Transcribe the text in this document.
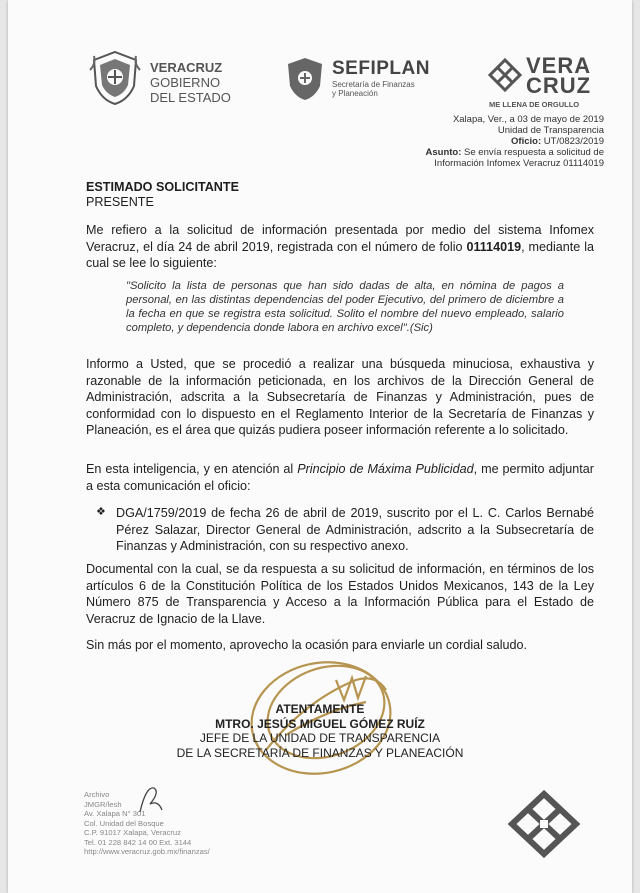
VERACRUZ
GOBIERNO
DEL ESTADO
SEFIPLAN
Secretaría de Finanzas
y Planeación
VERA
CRUZ
ME LLENA DE ORGULLO
Xalapa, Ver., a 03 de mayo de 2019
Unidad de Transparencia
Oficio: UT/0823/2019
Asunto: Se envía respuesta a solicitud de
Información Infomex Veracruz 01114019
ESTIMADO SOLICITANTE
PRESENTE
Me refiero a la solicitud de información presentada por medio del sistema Infomex Veracruz, el día 24 de abril 2019, registrada con el número de folio 01114019, mediante la cual se lee lo siguiente:
"Solicito la lista de personas que han sido dadas de alta, en nómina de pagos a personal, en las distintas dependencias del poder Ejecutivo, del primero de diciembre a la fecha en que se registra esta solicitud. Solito el nombre del nuevo empleado, salario completo, y dependencia donde labora en archivo excel".(Sic)
Informo a Usted, que se procedió a realizar una búsqueda minuciosa, exhaustiva y razonable de la información peticionada, en los archivos de la Dirección General de Administración, adscrita a la Subsecretaría de Finanzas y Administración, pues de conformidad con lo dispuesto en el Reglamento Interior de la Secretaría de Finanzas y Planeación, es el área que quizás pudiera poseer información referente a lo solicitado.
En esta inteligencia, y en atención al Principio de Máxima Publicidad, me permito adjuntar a esta comunicación el oficio:
❖ DGA/1759/2019 de fecha 26 de abril de 2019, suscrito por el L. C. Carlos Bernabé Pérez Salazar, Director General de Administración, adscrito a la Subsecretaría de Finanzas y Administración, con su respectivo anexo.
Documental con la cual, se da respuesta a su solicitud de información, en términos de los artículos 6 de la Constitución Política de los Estados Unidos Mexicanos, 143 de la Ley Número 875 de Transparencia y Acceso a la Información Pública para el Estado de Veracruz de Ignacio de la Llave.
Sin más por el momento, aprovecho la ocasión para enviarle un cordial saludo.
ATENTAMENTE
MTRO. JESÚS MIGUEL GÓMEZ RUÍZ
JEFE DE LA UNIDAD DE TRANSPARENCIA
DE LA SECRETARÍA DE FINANZAS Y PLANEACIÓN
Archivo
JMGR/lesh
Av. Xalapa N° 301
Col. Unidad del Bosque
C.P. 91017 Xalapa, Veracruz
Tel. 01 228 842 14 00 Ext. 3144
http://www.veracruz.gob.mx/finanzas/
